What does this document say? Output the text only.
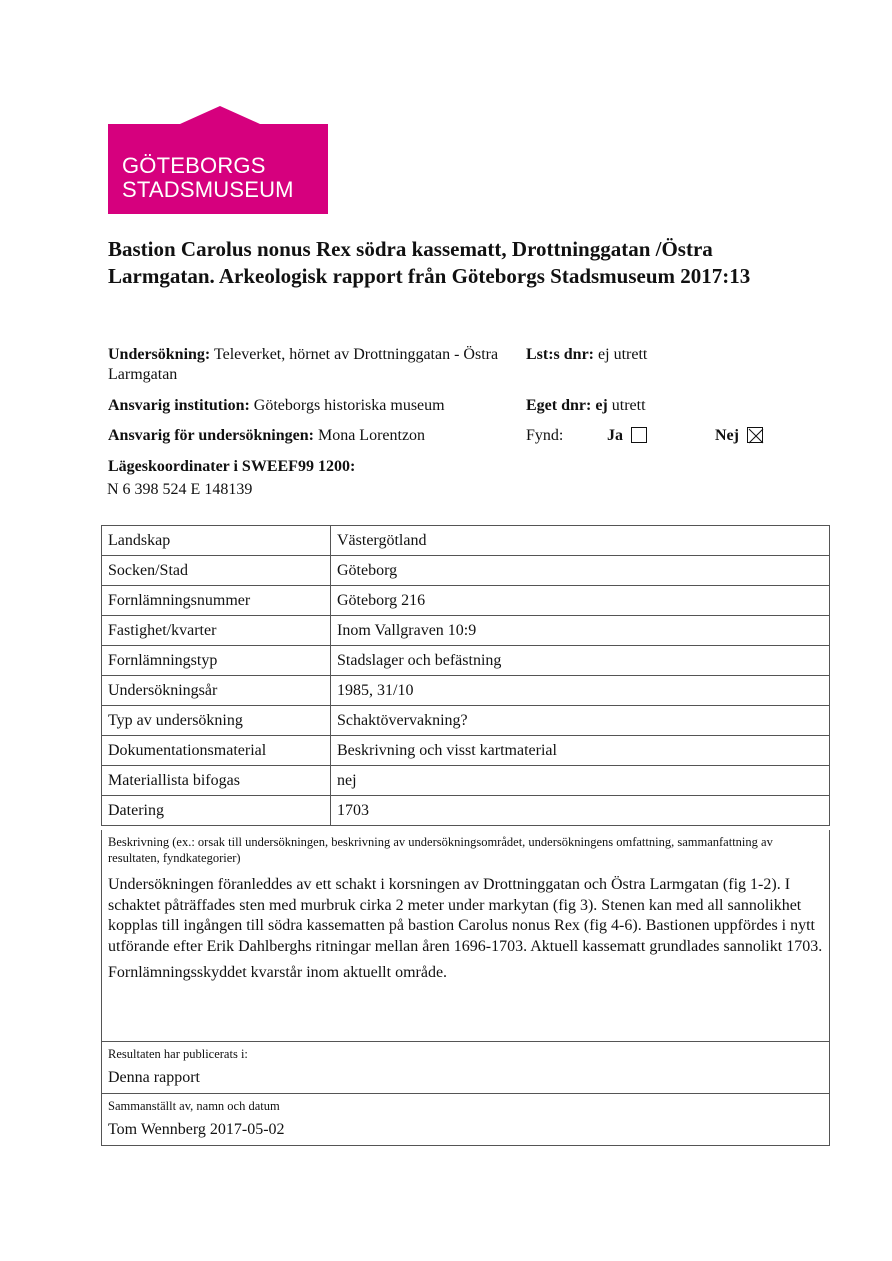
GÖTEBORGS
STADSMUSEUM
Bastion Carolus nonus Rex södra kassematt, Drottninggatan /Östra Larmgatan. Arkeologisk rapport från Göteborgs Stadsmuseum 2017:13
Undersökning: Televerket, hörnet av Drottninggatan - Östra Larmgatan
Lst:s dnr: ej utrett
Ansvarig institution: Göteborgs historiska museum	Eget dnr: ej utrett
Ansvarig för undersökningen: Mona Lorentzon	Fynd:	Ja	Nej
Lägeskoordinater i SWEEF99 1200:
N 6 398 524 E 148139
Landskap	Västergötland
Socken/Stad	Göteborg
Fornlämningsnummer	Göteborg 216
Fastighet/kvarter	Inom Vallgraven 10:9
Fornlämningstyp	Stadslager och befästning
Undersökningsår	1985, 31/10
Typ av undersökning	Schaktövervakning?
Dokumentationsmaterial	Beskrivning och visst kartmaterial
Materiallista bifogas	nej
Datering	1703
Beskrivning (ex.: orsak till undersökningen, beskrivning av undersökningsområdet, undersökningens omfattning, sammanfattning av resultaten, fyndkategorier)
Undersökningen föranleddes av ett schakt i korsningen av Drottninggatan och Östra Larmgatan (fig 1-2). I schaktet påträffades sten med murbruk cirka 2 meter under markytan (fig 3). Stenen kan med all sannolikhet kopplas till ingången till södra kassematten på bastion Carolus nonus Rex (fig 4-6). Bastionen uppfördes i nytt utförande efter Erik Dahlberghs ritningar mellan åren 1696-1703. Aktuell kassematt grundlades sannolikt 1703.
Fornlämningsskyddet kvarstår inom aktuellt område.
Resultaten har publicerats i:
Denna rapport
Sammanställt av, namn och datum
Tom Wennberg 2017-05-02
